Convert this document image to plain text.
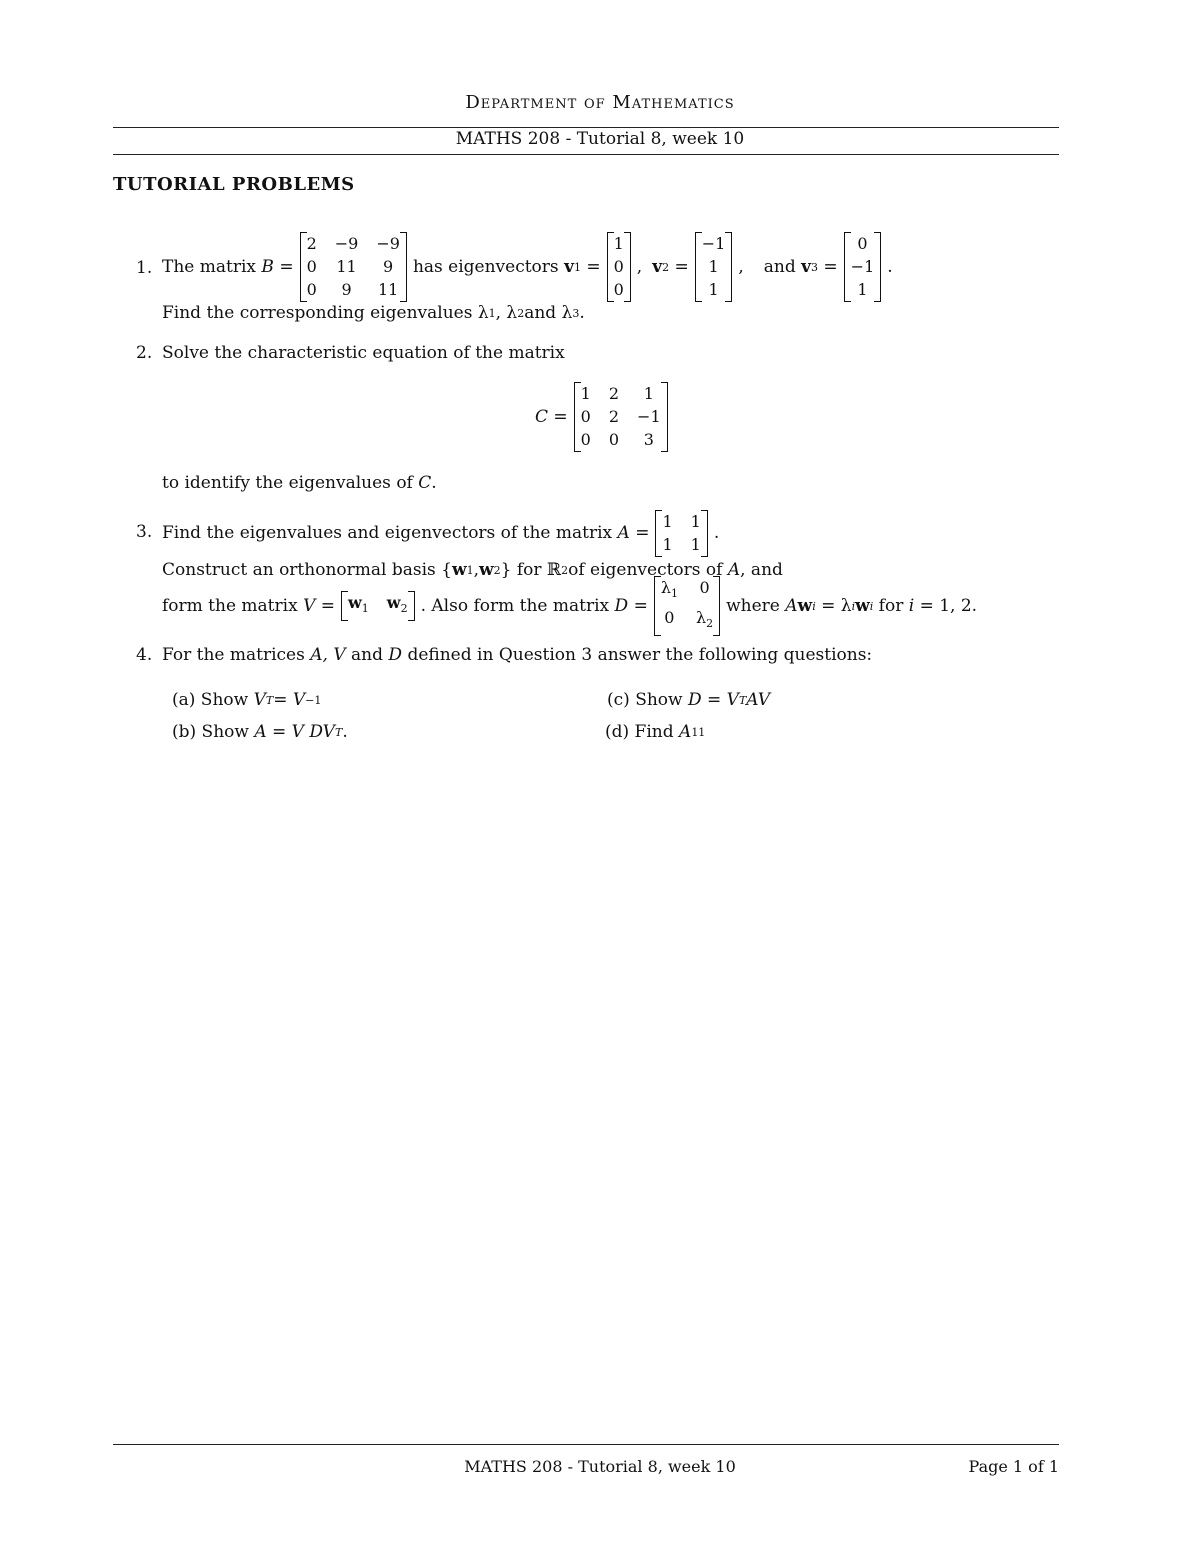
Department of Mathematics
MATHS 208 - Tutorial 8, week 10
TUTORIAL PROBLEMS
1. The matrix
B
=
2 −9 −9
0 11	9
0	9	11
has eigenvectors
v 1 =
1
0
0
, v 2 =
−1
1
1
, and
v 3 =
0
−1
1
.
Find the corresponding eigenvalues λ 1 , λ 2 and λ 3 .
2. Solve the characteristic equation of the matrix
C
=
1 2	1
0 2 −1
0 0	3
to identify the eigenvalues of
C .
3. Find the eigenvalues and eigenvectors of the matrix
A
=
1 1
1 1
.
Construct an orthonormal basis { w 1 , w 2 } for ℝ 2 of eigenvectors of
A , and
form the matrix
$V = w_1$ $w_2$ . Also form the matrix
D =
$\lambda_1$ 0
0 $\lambda_2$
where
A w i
=
λ i w i
for
i
= 1, 2.
4. For the matrices
A, V
and
D
defined in Question 3 answer the following questions:
(a) Show
V T = V −1
(b) Show
A = V DV T .
(c) Show
D = V T AV
(d) Find
A 11
MATHS 208 - Tutorial 8, week 10	Page 1 of 1
